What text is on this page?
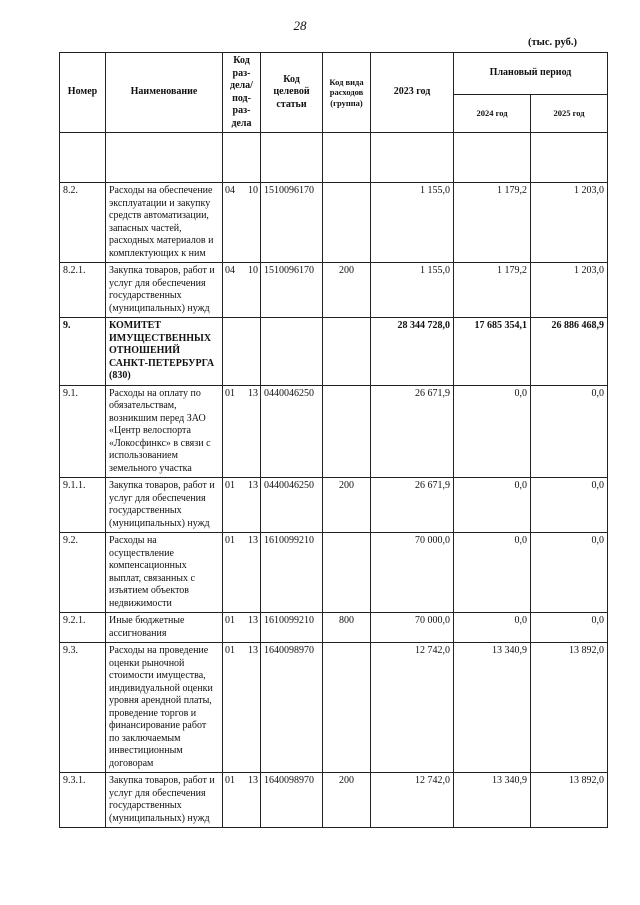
28
(тыс. руб.)
Номер	Наименование	Код раз-дела/ под-раз-дела	Код целевой статьи	Код вида расходов (группа)	2023 год	Плановый период	
						2024 год	2025 год

8.2.	Расходы на обеспечение эксплуатации и закупку средств автоматизации, запасных частей, расходных материалов и комплектующих к ним	04 10	1510096170		1 155,0	1 179,2	1 203,0
8.2.1.	Закупка товаров, работ и услуг для обеспечения государственных (муниципальных) нужд	04 10	1510096170	200	1 155,0	1 179,2	1 203,0
9.	КОМИТЕТ ИМУЩЕСТВЕННЫХ ОТНОШЕНИЙ САНКТ-ПЕТЕРБУРГА (830)				28 344 728,0	17 685 354,1	26 886 468,9
9.1.	Расходы на оплату по обязательствам, возникшим перед ЗАО «Центр велоспорта «Локосфинкс» в связи с использованием земельного участка	01 13	0440046250		26 671,9	0,0	0,0
9.1.1.	Закупка товаров, работ и услуг для обеспечения государственных (муниципальных) нужд	01 13	0440046250	200	26 671,9	0,0	0,0
9.2.	Расходы на осуществление компенсационных выплат, связанных с изъятием объектов недвижимости	01 13	1610099210		70 000,0	0,0	0,0
9.2.1.	Иные бюджетные ассигнования	01 13	1610099210	800	70 000,0	0,0	0,0
9.3.	Расходы на проведение оценки рыночной стоимости имущества, индивидуальной оценки уровня арендной платы, проведение торгов и финансирование работ по заключаемым инвестиционным договорам	01 13	1640098970		12 742,0	13 340,9	13 892,0
9.3.1.	Закупка товаров, работ и услуг для обеспечения государственных (муниципальных) нужд	01 13	1640098970	200	12 742,0	13 340,9	13 892,0
